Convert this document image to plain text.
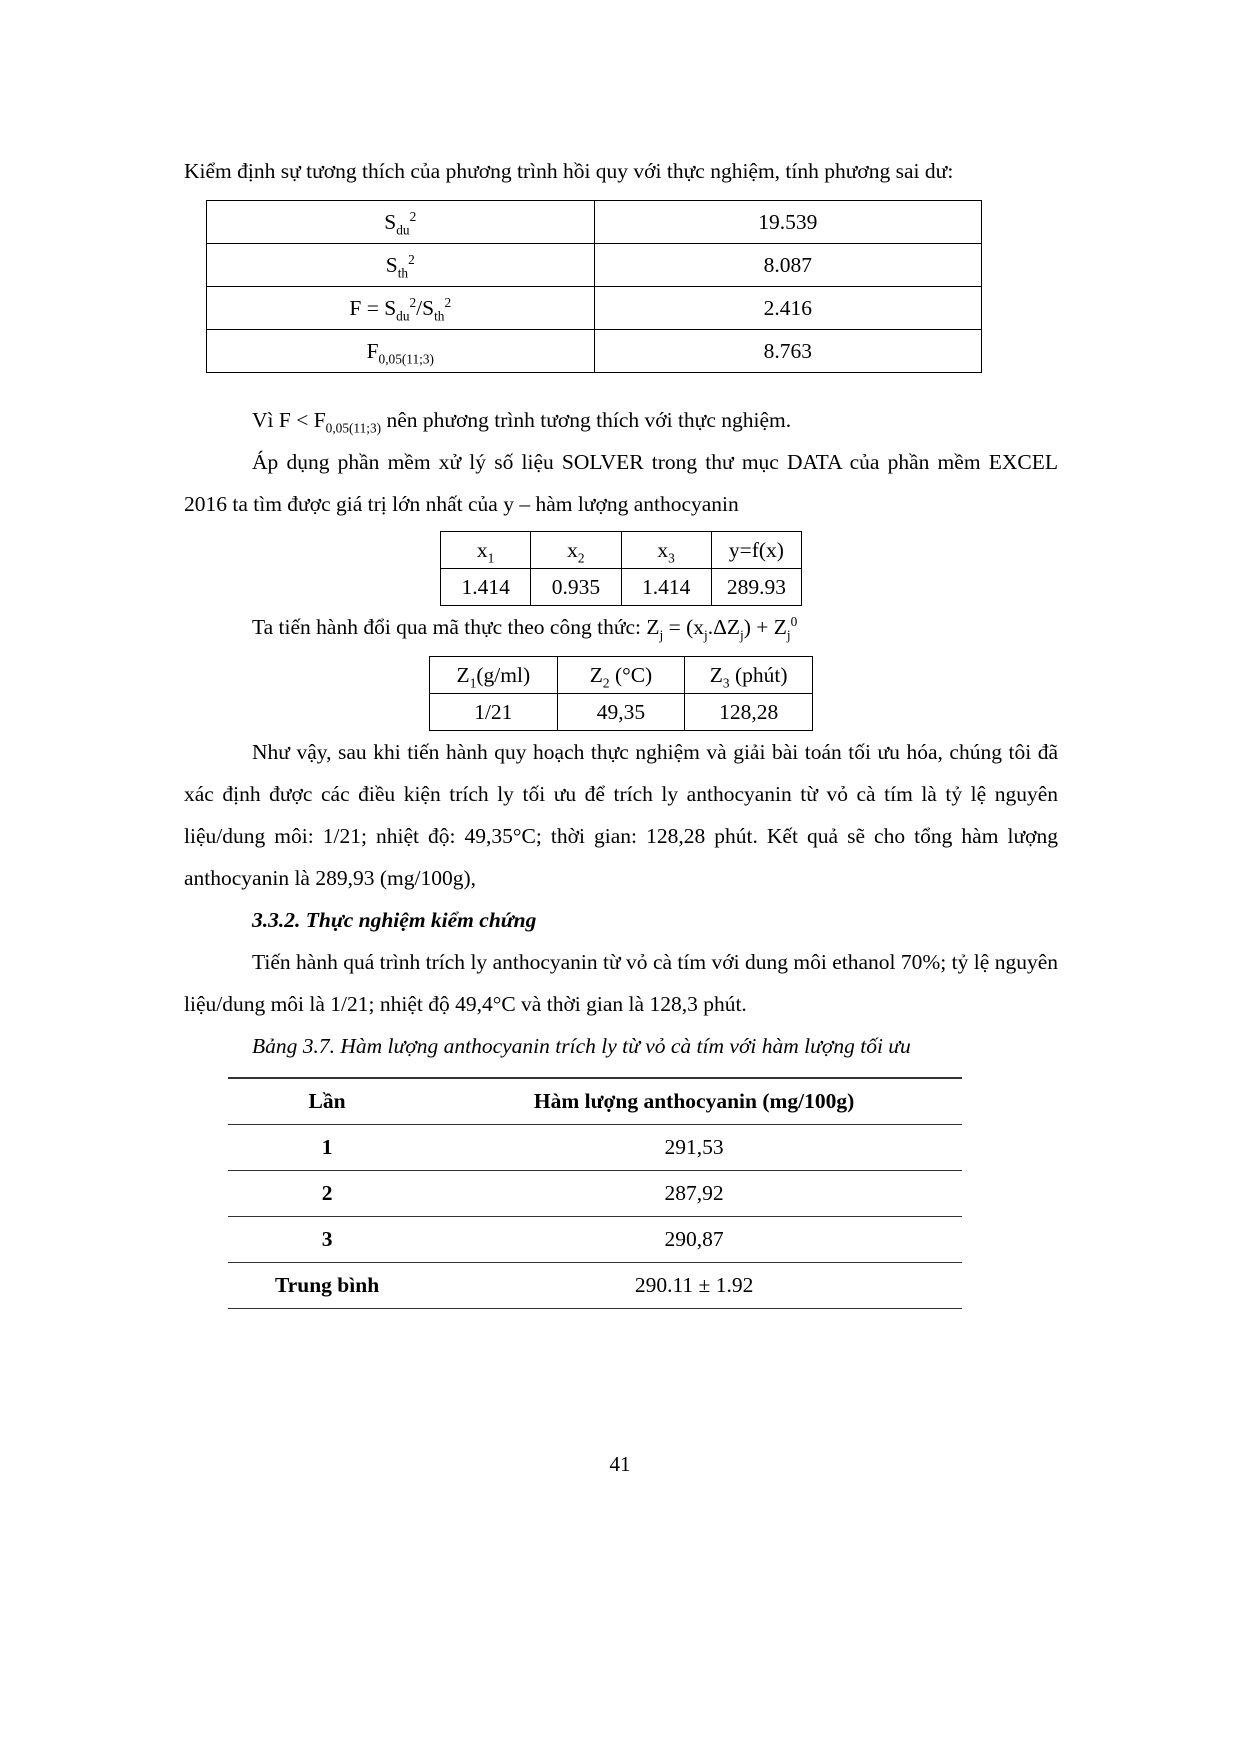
Kiểm định sự tương thích của phương trình hồi quy với thực nghiệm, tính phương sai dư:

$S_{du}^2$	19.539
$S_{th}^2$	8.087
$F = S_{du}^2/S_{th}^2$	2.416
$F_{0,05(11;3)}$	8.763

Vì $F < F_{0,05(11;3)}$ nên phương trình tương thích với thực nghiệm.

Áp dụng phần mềm xử lý số liệu SOLVER trong thư mục DATA của phần mềm EXCEL 2016 ta tìm được giá trị lớn nhất của y – hàm lượng anthocyanin

$x_1$	$x_2$	$x_3$	y=f(x)
1.414	0.935	1.414	289.93

Ta tiến hành đổi qua mã thực theo công thức: $Z_j = (x_j.\Delta Z_j) + Z_j^0$

$Z_1(g/ml)$	$Z_2$ (°C)	$Z_3$ (phút)
1/21	49,35	128,28

Như vậy, sau khi tiến hành quy hoạch thực nghiệm và giải bài toán tối ưu hóa, chúng tôi đã xác định được các điều kiện trích ly tối ưu để trích ly anthocyanin từ vỏ cà tím là tỷ lệ nguyên liệu/dung môi: 1/21; nhiệt độ: 49,35°C; thời gian: 128,28 phút. Kết quả sẽ cho tổng hàm lượng anthocyanin là 289,93 (mg/100g),

3.3.2. Thực nghiệm kiểm chứng

Tiến hành quá trình trích ly anthocyanin từ vỏ cà tím với dung môi ethanol 70%; tỷ lệ nguyên liệu/dung môi là 1/21; nhiệt độ 49,4°C và thời gian là 128,3 phút.

Bảng 3.7. Hàm lượng anthocyanin trích ly từ vỏ cà tím với hàm lượng tối ưu

Lần	Hàm lượng anthocyanin (mg/100g)
1	291,53
2	287,92
3	290,87
Trung bình	290.11 ± 1.92
41
